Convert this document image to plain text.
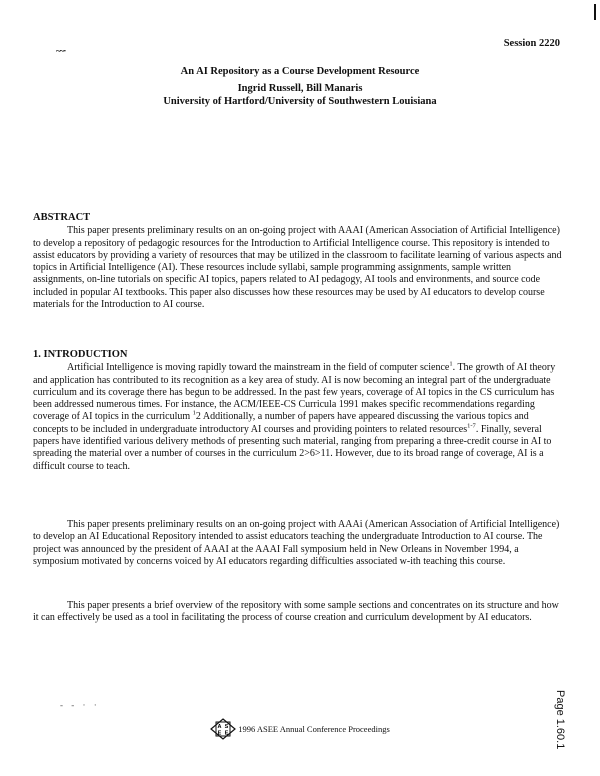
~~·
Session 2220
An AI Repository as a Course Development Resource
Ingrid Russell, Bill Manaris
University of Hartford/University of Southwestern Louisiana
ABSTRACT

This paper presents preliminary results on an on-going project with AAAI (American Association of Artificial Intelligence) to develop a repository of pedagogic resources for the Introduction to Artificial Intelligence course. This repository is intended to assist educators by providing a variety of resources that may be utilized in the classroom to facilitate learning of various aspects and topics in Artificial Intelligence (AI). These resources include syllabi, sample programming assignments, sample written assignments, on-line tutorials on specific AI topics, papers related to AI pedagogy, AI tools and environments, and source code included in popular AI textbooks. This paper also discusses how these resources may be used by AI educators to develop course materials for the Introduction to AI course.

1. INTRODUCTION

Artificial Intelligence is moving rapidly toward the mainstream in the field of computer science$^1$. The growth of AI theory and application has contributed to its recognition as a key area of study. AI is now becoming an integral part of the undergraduate curriculum and its coverage there has begun to be addressed. In the past few years, coverage of AI topics in the CS curriculum has been addressed numerous times. For instance, the ACM/IEEE-CS Curricula 1991 makes specific recommendations regarding coverage of AI topics in the curriculum $^1$2 Additionally, a number of papers have appeared discussing the various topics and concepts to be included in undergraduate introductory AI courses and providing pointers to related resources$^{1-7}$. Finally, several papers have identified various delivery methods of presenting such material, ranging from preparing a three-credit course in AI to spreading the material over a number of courses in the curriculum 2>6>11. However, due to its broad range of coverage, AI is a difficult course to teach.

This paper presents preliminary results on an on-going project with AAAi (American Association of Artificial Intelligence) to develop an AI Educational Repository intended to assist educators teaching the undergraduate Introduction to AI course. The project was announced by the president of AAAI at the AAAI Fall symposium held in New Orleans in November 1994, a symposium motivated by concerns voiced by AI educators regarding difficulties associated w-ith teaching this course.

This paper presents a brief overview of the repository with some sample sections and concentrates on its structure and how it can effectively be used as a tool in facilitating the process of course creation and curriculum development by AI educators.

- - · ·
A S
E E 1996 ASEE Annual Conference Proceedings	Page 1.60.1
